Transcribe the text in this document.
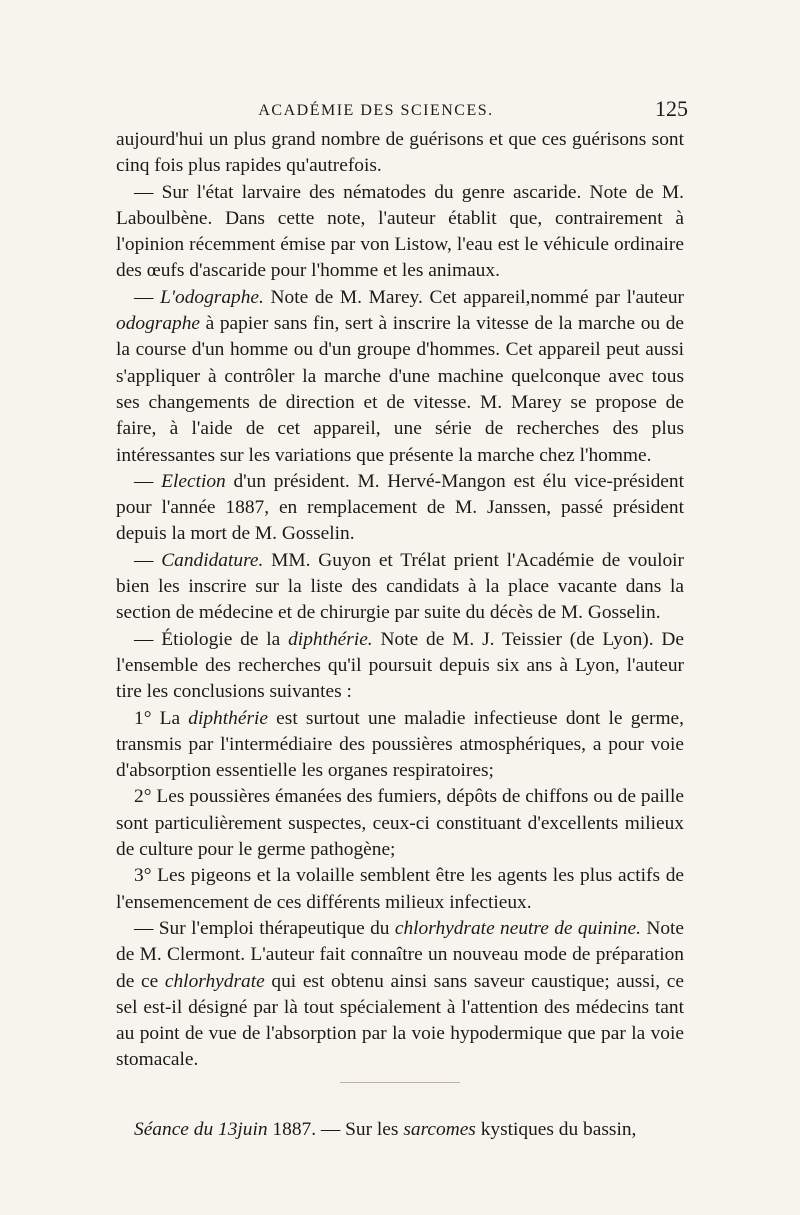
ACADÉMIE DES SCIENCES.	125

aujourd'hui un plus grand nombre de guérisons et que ces guérisons sont cinq fois plus rapides qu'autrefois.

— Sur l'état larvaire des nématodes du genre ascaride. Note de M. Laboulbène. Dans cette note, l'auteur établit que, contrairement à l'opinion récemment émise par von Listow, l'eau est le véhicule ordinaire des œufs d'ascaride pour l'homme et les animaux.

— L'odographe. Note de M. Marey. Cet appareil,nommé par l'auteur odographe à papier sans fin, sert à inscrire la vitesse de la marche ou de la course d'un homme ou d'un groupe d'hommes. Cet appareil peut aussi s'appliquer à contrôler la marche d'une machine quelconque avec tous ses changements de direction et de vitesse. M. Marey se propose de faire, à l'aide de cet appareil, une série de recherches des plus intéressantes sur les variations que présente la marche chez l'homme.

— Election d'un président. M. Hervé-Mangon est élu vice-président pour l'année 1887, en remplacement de M. Janssen, passé président depuis la mort de M. Gosselin.

— Candidature. MM. Guyon et Trélat prient l'Académie de vouloir bien les inscrire sur la liste des candidats à la place vacante dans la section de médecine et de chirurgie par suite du décès de M. Gosselin.

— Étiologie de la diphthérie. Note de M. J. Teissier (de Lyon). De l'ensemble des recherches qu'il poursuit depuis six ans à Lyon, l'auteur tire les conclusions suivantes :

1° La diphthérie est surtout une maladie infectieuse dont le germe, transmis par l'intermédiaire des poussières atmosphériques, a pour voie d'absorption essentielle les organes respiratoires;

2° Les poussières émanées des fumiers, dépôts de chiffons ou de paille sont particulièrement suspectes, ceux-ci constituant d'excellents milieux de culture pour le germe pathogène;

3° Les pigeons et la volaille semblent être les agents les plus actifs de l'ensemencement de ces différents milieux infectieux.

— Sur l'emploi thérapeutique du chlorhydrate neutre de quinine. Note de M. Clermont. L'auteur fait connaître un nouveau mode de préparation de ce chlorhydrate qui est obtenu ainsi sans saveur caustique; aussi, ce sel est-il désigné par là tout spécialement à l'attention des médecins tant au point de vue de l'absorption par la voie hypodermique que par la voie stomacale.

Séance du 13juin 1887. — Sur les sarcomes kystiques du bassin,
